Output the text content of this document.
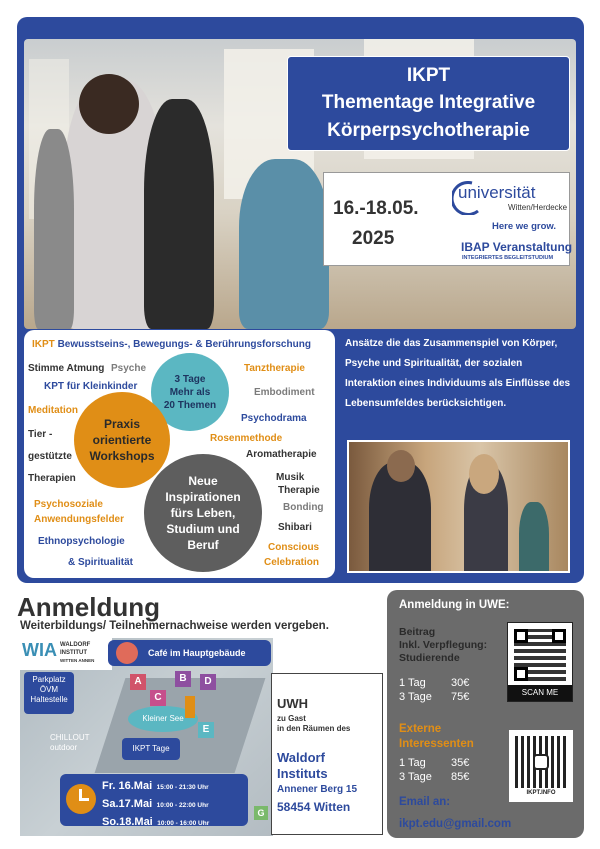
IKPT
Thementage Integrative
Körperpsychotherapie
16.-18.05.
2025
universität
Witten/Herdecke
Here we grow.
IBAP Veranstaltung
INTEGRIERTES BEGLEITSTUDIUM
IKPT Bewusstseins-, Bewegungs- & Berührungsforschung
Stimme Atmung Psyche
KPT für Kleinkinder
Meditation
Tier -
gestützte
Therapien
Psychosoziale
Anwendungsfelder
Ethnopsychologie
& Spiritualität
Tanztherapie
Embodiment
Psychodrama
Rosenmethode
Aromatherapie
Musik
Therapie
Bonding
Shibari
Conscious
Celebration
3 Tage
Mehr als
20 Themen
Praxis
orientierte
Workshops
Neue
Inspirationen
fürs Leben,
Studium und
Beruf
Ansätze die das Zusammenspiel von Körper, Psyche und Spiritualität, der sozialen Interaktion eines Individuums als Einflüsse des Lebensumfeldes berücksichtigen.
Anmeldung
Weiterbildungs/ Teilnehmernachweise werden vergeben.
WIA WALDORF
INSTITUT
WITTEN ANNEN
Café im Hauptgebäude
Parkplatz
ÖVM
Haltestelle
CHILLOUT
outdoor
Kleiner See
IKPT Tage
A	B
C
D
E
G
Fr. 16.Mai 15:00 - 21:30 Uhr
Sa.17.Mai 10:00 - 22:00 Uhr
So.18.Mai 10:00 - 16:00 Uhr
UWH
zu Gast
in den Räumen des
Waldorf
Instituts
Annener Berg 15
58454 Witten
Anmeldung in UWE:
Beitrag
Inkl. Verpflegung:
Studierende
1 Tag 30€
3 Tage 75€
Externe
Interessenten
1 Tag 35€
3 Tage 85€
Email an:
ikpt.edu@gmail.com
SCAN ME
IKPT.INFO
